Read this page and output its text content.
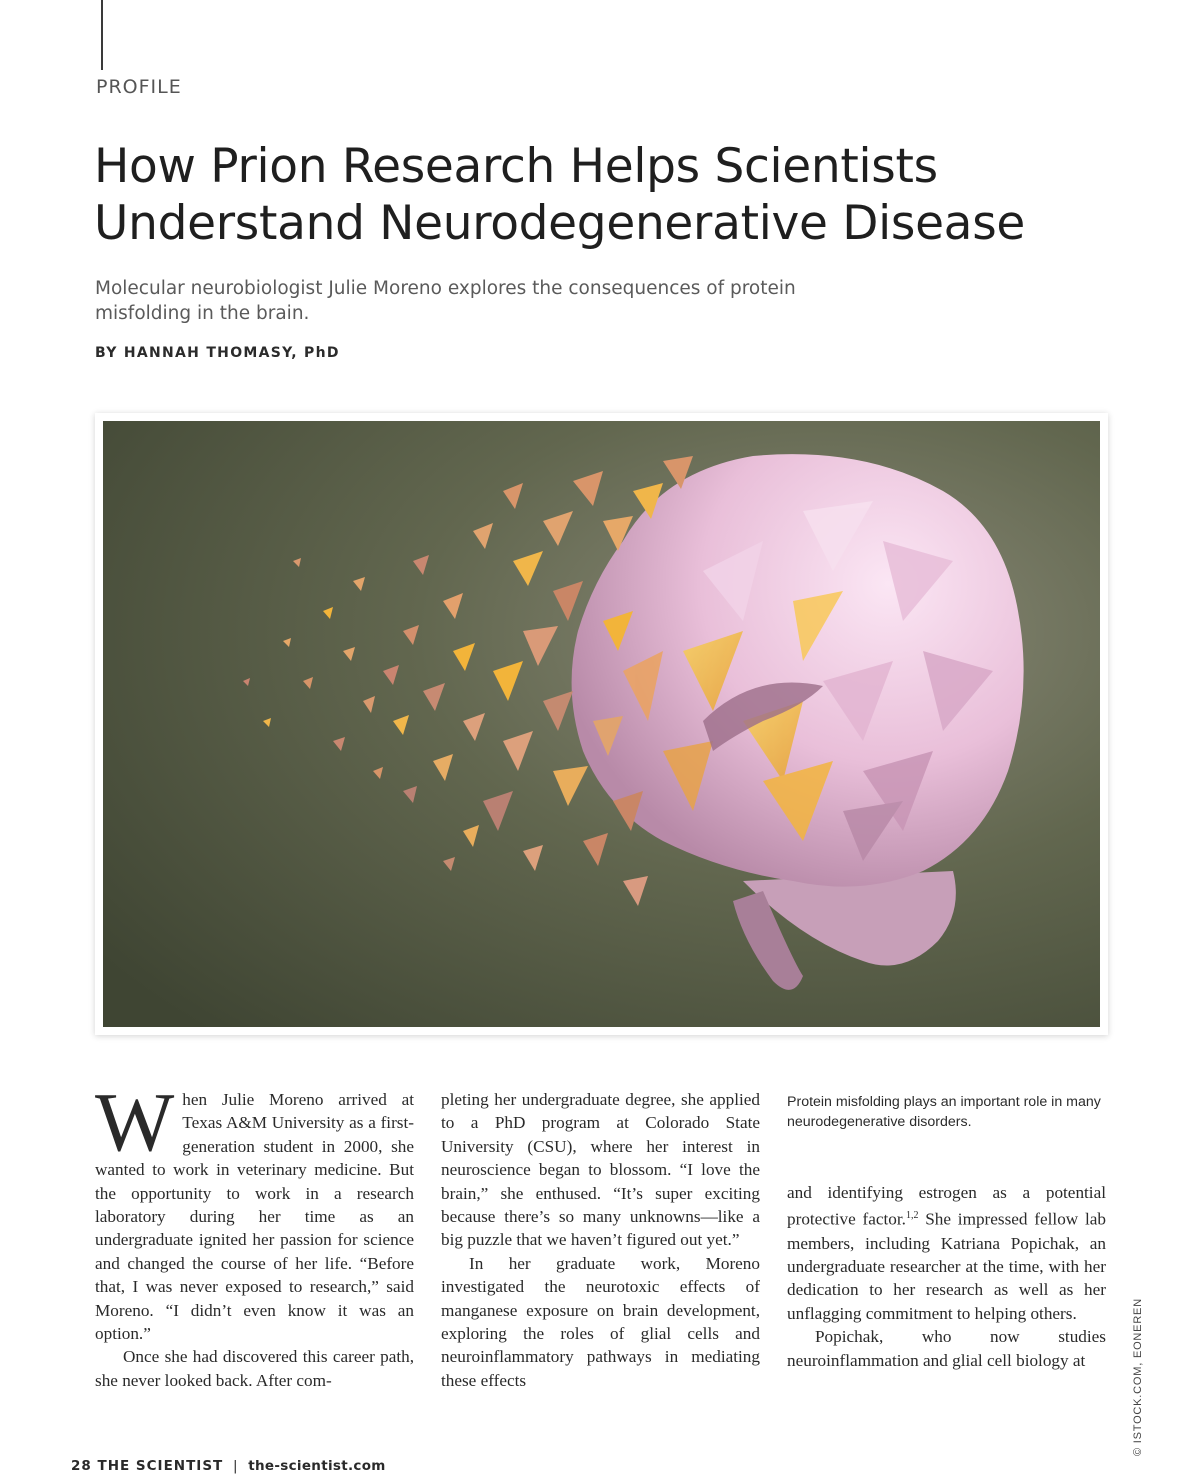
PROFILE
How Prion Research Helps Scientists Understand Neurodegenerative Disease

Molecular neurobiologist Julie Moreno explores the consequences of protein misfolding in the brain.

BY HANNAH THOMASY, PhD

When Julie Moreno arrived at Texas A&M University as a first-generation student in 2000, she wanted to work in veterinary medicine. But the opportunity to work in a research laboratory during her time as an undergraduate ignited her passion for science and changed the course of her life. “Before that, I was never exposed to research,” said Moreno. “I didn’t even know it was an option.”

Once she had discovered this career path, she never looked back. After com-

pleting her undergraduate degree, she applied to a PhD program at Colorado State University (CSU), where her interest in neuroscience began to blossom. “I love the brain,” she enthused. “It’s super exciting because there’s so many unknowns—like a big puzzle that we haven’t figured out yet.”

In her graduate work, Moreno investigated the neurotoxic effects of manganese exposure on brain development, exploring the roles of glial cells and neuroinflammatory pathways in mediating these effects

Protein misfolding plays an important role in many neurodegenerative disorders.

and identifying estrogen as a potential protective factor.$^{1,2}$ She impressed fellow lab members, including Katriana Popichak, an undergraduate researcher at the time, with her dedication to her research as well as her unflagging commitment to helping others.

Popichak, who now studies neuroinflammation and glial cell biology at	© ISTOCK.COM, EONEREN
28 THE SCIENTIST | the-scientist.com
